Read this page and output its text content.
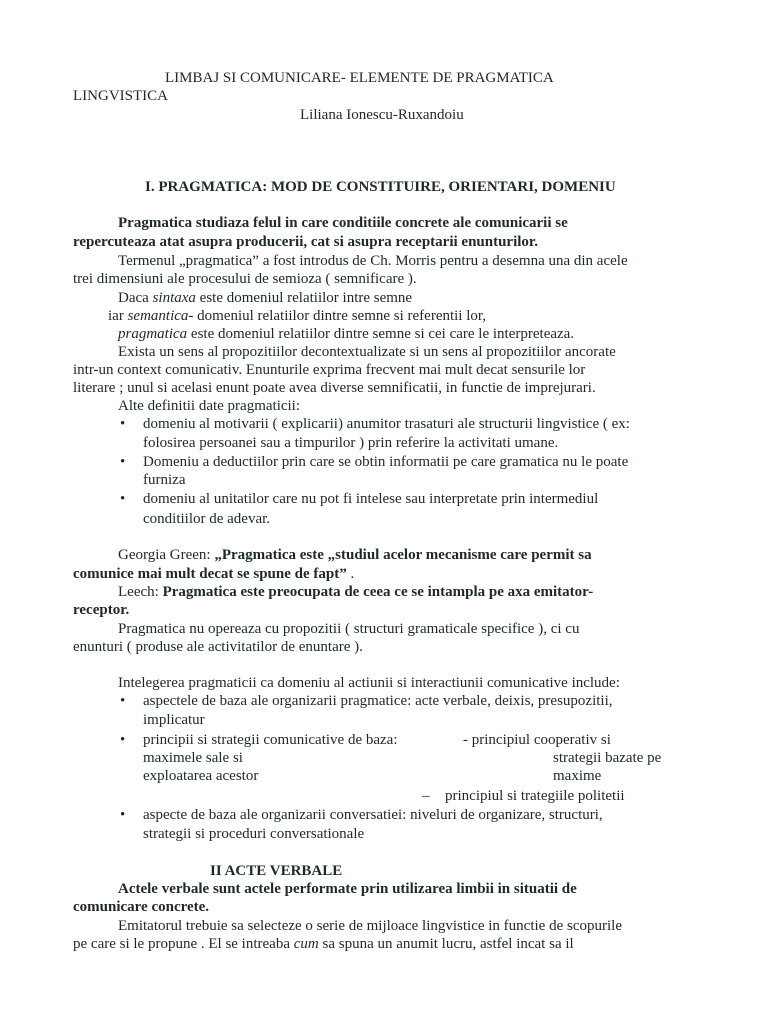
LIMBAJ SI COMUNICARE- ELEMENTE DE PRAGMATICA
LINGVISTICA
Liliana Ionescu-Ruxandoiu
I. PRAGMATICA: MOD DE CONSTITUIRE, ORIENTARI, DOMENIU
Pragmatica studiaza felul in care conditiile concrete ale comunicarii se
repercuteaza atat asupra producerii, cat si asupra receptarii enunturilor.
Termenul „pragmatica” a fost introdus de Ch. Morris pentru a desemna una din acele
trei dimensiuni ale procesului de semioza ( semnificare ).
Daca sintaxa este domeniul relatiilor intre semne
iar semantica- domeniul relatiilor dintre semne si referentii lor,
pragmatica este domeniul relatiilor dintre semne si cei care le interpreteaza.
Exista un sens al propozitiilor decontextualizate si un sens al propozitiilor ancorate
intr-un context comunicativ. Enunturile exprima frecvent mai mult decat sensurile lor
literare ; unul si acelasi enunt poate avea diverse semnificatii, in functie de imprejurari.
Alte definitii date pragmaticii:
• domeniu al motivarii ( explicarii) anumitor trasaturi ale structurii lingvistice ( ex:
folosirea persoanei sau a timpurilor ) prin referire la activitati umane.
• Domeniu a deductiilor prin care se obtin informatii pe care gramatica nu le poate
furniza
• domeniu al unitatilor care nu pot fi intelese sau interpretate prin intermediul
conditiilor de adevar.
Georgia Green: „Pragmatica este „studiul acelor mecanisme care permit sa
comunice mai mult decat se spune de fapt” .
Leech: Pragmatica este preocupata de ceea ce se intampla pe axa emitator-
receptor.
Pragmatica nu opereaza cu propozitii ( structuri gramaticale specifice ), ci cu
enunturi ( produse ale activitatilor de enuntare ).
Intelegerea pragmaticii ca domeniu al actiunii si interactiunii comunicative include:
• aspectele de baza ale organizarii pragmatice: acte verbale, deixis, presupozitii,
implicatur
• principii si strategii comunicative de baza:	- principiul cooperativ si
maximele sale si	strategii bazate pe
exploatarea acestor	maxime
– principiul si trategiile politetii
• aspecte de baza ale organizarii conversatiei: niveluri de organizare, structuri,
strategii si proceduri conversationale
II ACTE VERBALE
Actele verbale sunt actele performate prin utilizarea limbii in situatii de
comunicare concrete.
Emitatorul trebuie sa selecteze o serie de mijloace lingvistice in functie de scopurile
pe care si le propune . El se intreaba cum sa spuna un anumit lucru, astfel incat sa il
